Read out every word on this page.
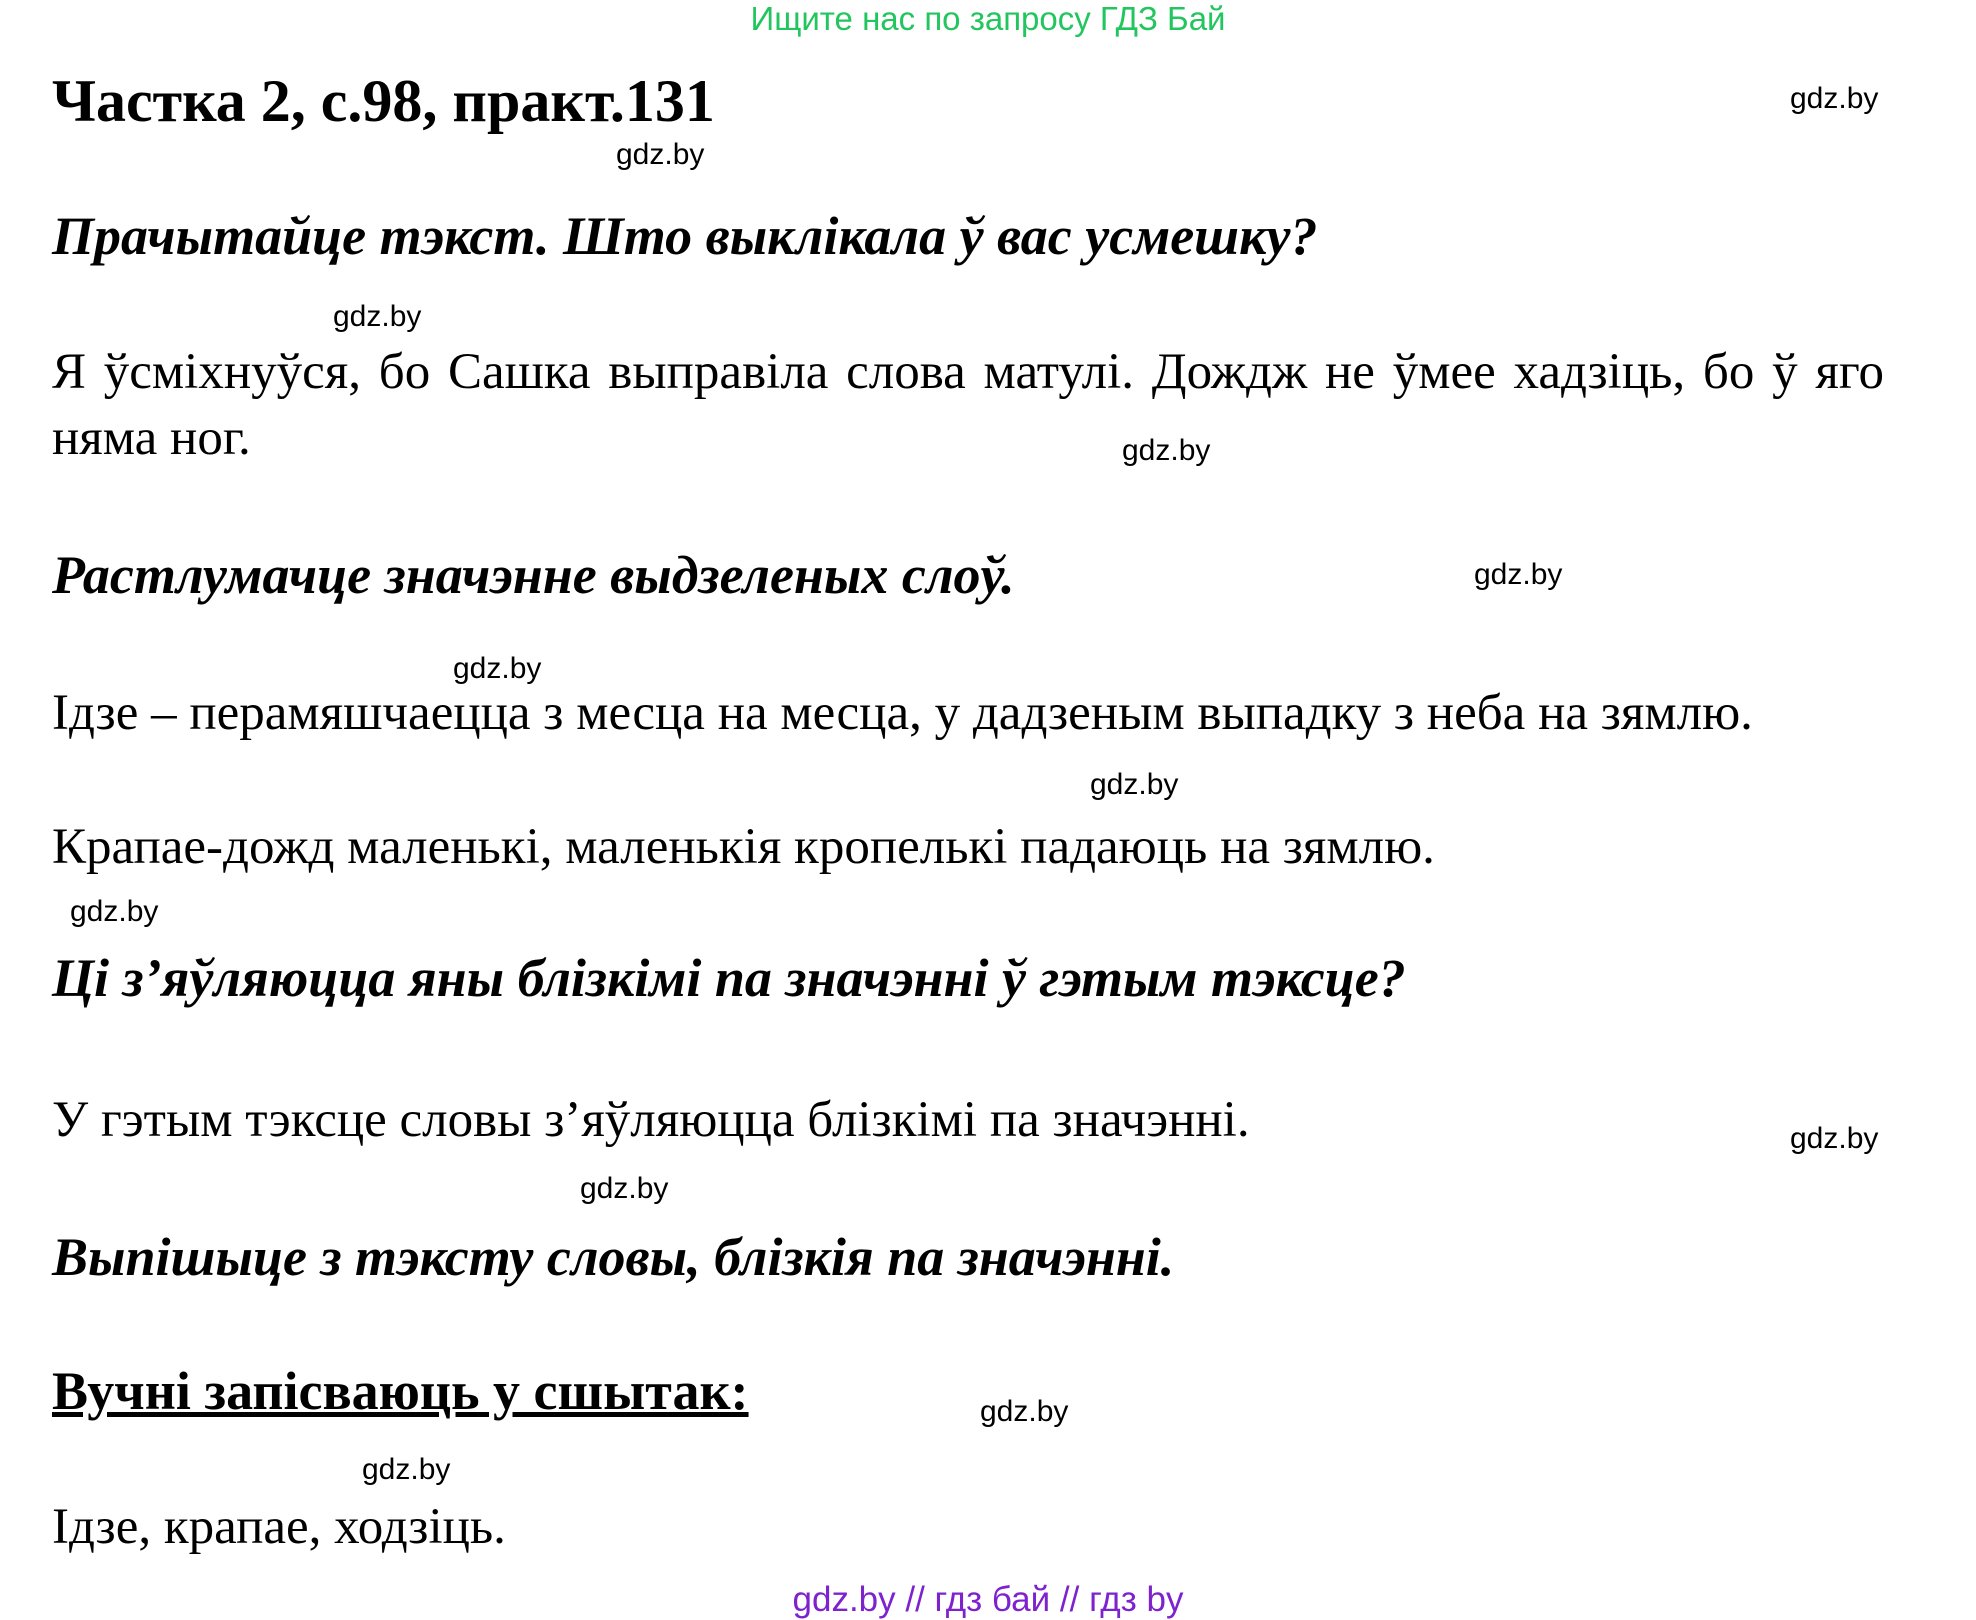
Ищите нас по запросу ГДЗ Бай
Частка 2, с.98, практ.131	gdz.by
gdz.by
Прачытайце тэкст. Што выклікала ў вас усмешку?
gdz.by
Я ўсміхнуўся, бо Сашка выправіла слова матулі. Дождж не ўмее хадзіць, бо ў яго няма ног.	gdz.by
Растлумачце значэнне выдзеленых слоў.	gdz.by
gdz.by
Ідзе – перамяшчаецца з месца на месца, у дадзеным выпадку з неба на зямлю.
gdz.by
Крапае-дожд маленькі, маленькія кропелькі падаюць на зямлю.
gdz.by
Ці з’яўляюцца яны блізкімі па значэнні ў гэтым тэксце?
У гэтым тэксце словы з’яўляюцца блізкімі па значэнні.	gdz.by
gdz.by
Выпішыце з тэксту словы, блізкія па значэнні.
Вучні запісваюць у сшытак:	gdz.by
gdz.by
Ідзе, крапае, ходзіць.
gdz.by // гдз бай // гдз by
